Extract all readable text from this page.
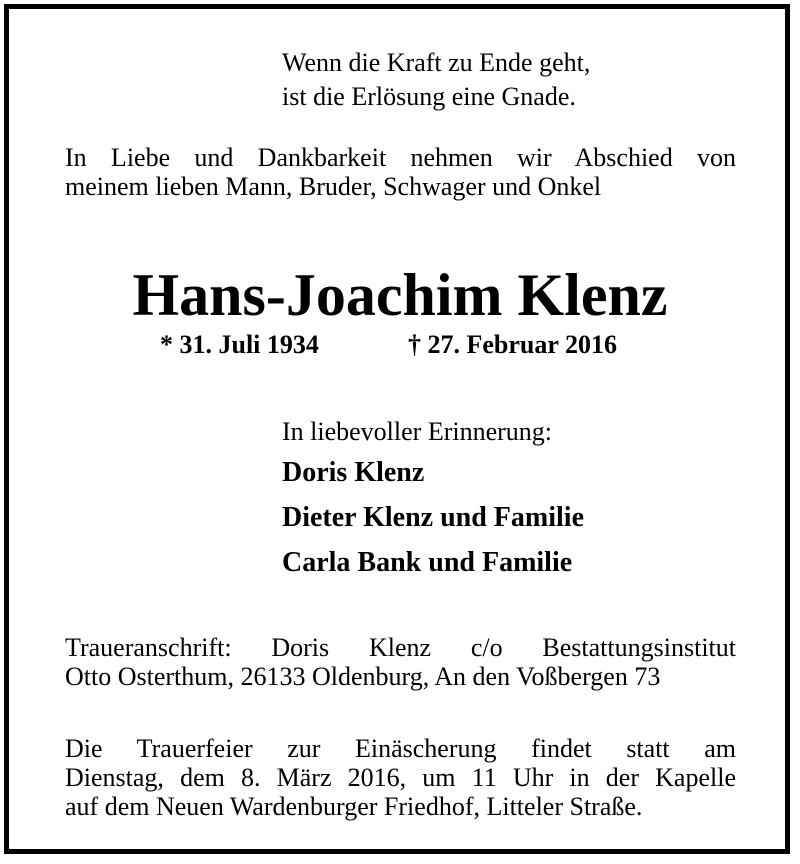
Wenn die Kraft zu Ende geht,
ist die Erlösung eine Gnade.
In Liebe und Dankbarkeit nehmen wir Abschied von
meinem lieben Mann, Bruder, Schwager und Onkel
Hans-Joachim Klenz
* 31. Juli 1934	† 27. Februar 2016
In liebevoller Erinnerung:
Doris Klenz
Dieter Klenz und Familie
Carla Bank und Familie
Traueranschrift: Doris Klenz c/o Bestattungsinstitut
Otto Osterthum, 26133 Oldenburg, An den Voßbergen 73
Die Trauerfeier zur Einäscherung findet statt am
Dienstag, dem 8. März 2016, um 11 Uhr in der Kapelle
auf dem Neuen Wardenburger Friedhof, Litteler Straße.
